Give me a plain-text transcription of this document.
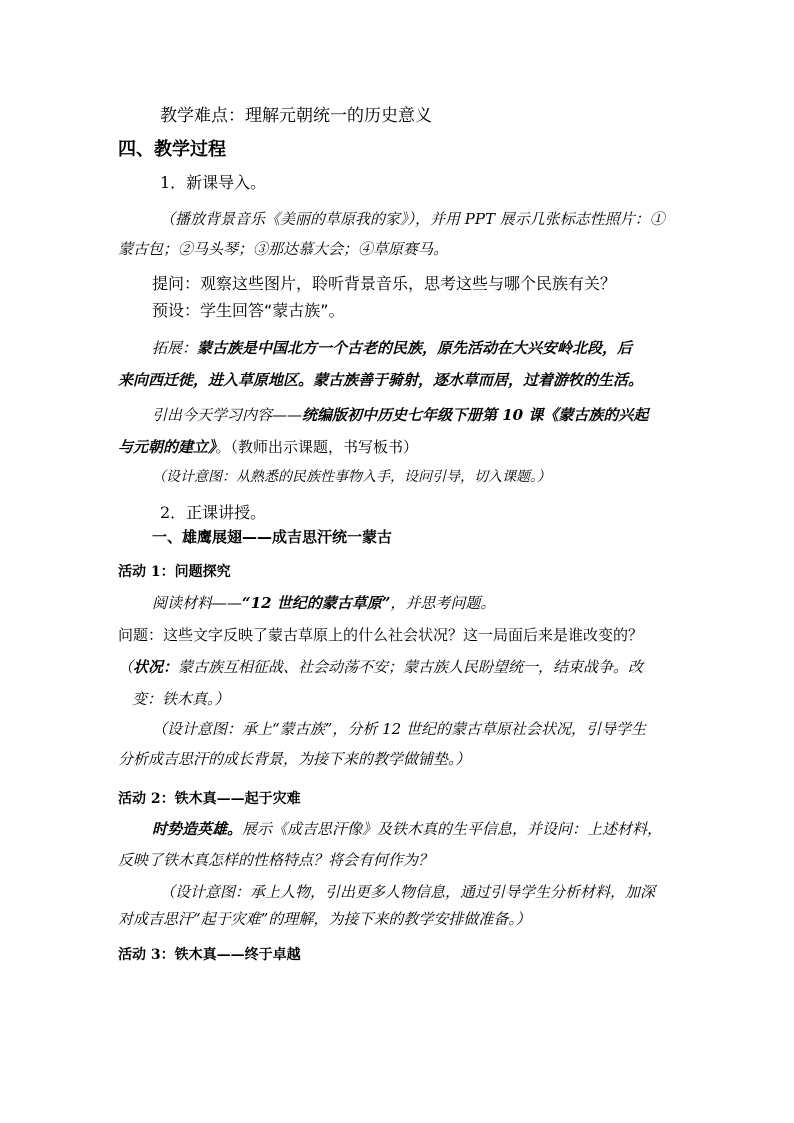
教学难点：理解元朝统一的历史意义
四、教学过程
1．新课导入。
（播放背景音乐《美丽的草原我的家》），并用 PPT 展示几张标志性照片：①
蒙古包；②马头琴；③那达慕大会；④草原赛马。
提问：观察这些图片，聆听背景音乐，思考这些与哪个民族有关？
预设：学生回答“蒙古族”。
拓展：蒙古族是中国北方一个古老的民族，原先活动在大兴安岭北段，后
来向西迁徙，进入草原地区。蒙古族善于骑射，逐水草而居，过着游牧的生活。
引出今天学习内容——统编版初中历史七年级下册第 10 课《蒙古族的兴起
与元朝的建立》。（教师出示课题，书写板书）
（设计意图：从熟悉的民族性事物入手，设问引导，切入课题。）
2．正课讲授。
一、雄鹰展翅——成吉思汗统一蒙古
活动 1：问题探究
阅读材料——“12 世纪的蒙古草原”，并思考问题。
问题：这些文字反映了蒙古草原上的什么社会状况？这一局面后来是谁改变的？
（状况：蒙古族互相征战、社会动荡不安；蒙古族人民盼望统一，结束战争。改
变：铁木真。）
（设计意图：承上“蒙古族”，分析 12 世纪的蒙古草原社会状况，引导学生
分析成吉思汗的成长背景，为接下来的教学做铺垫。）
活动 2：铁木真——起于灾难
时势造英雄。展示《成吉思汗像》及铁木真的生平信息，并设问：上述材料，
反映了铁木真怎样的性格特点？将会有何作为？
（设计意图：承上人物，引出更多人物信息，通过引导学生分析材料，加深
对成吉思汗“起于灾难”的理解，为接下来的教学安排做准备。）
活动 3：铁木真——终于卓越
